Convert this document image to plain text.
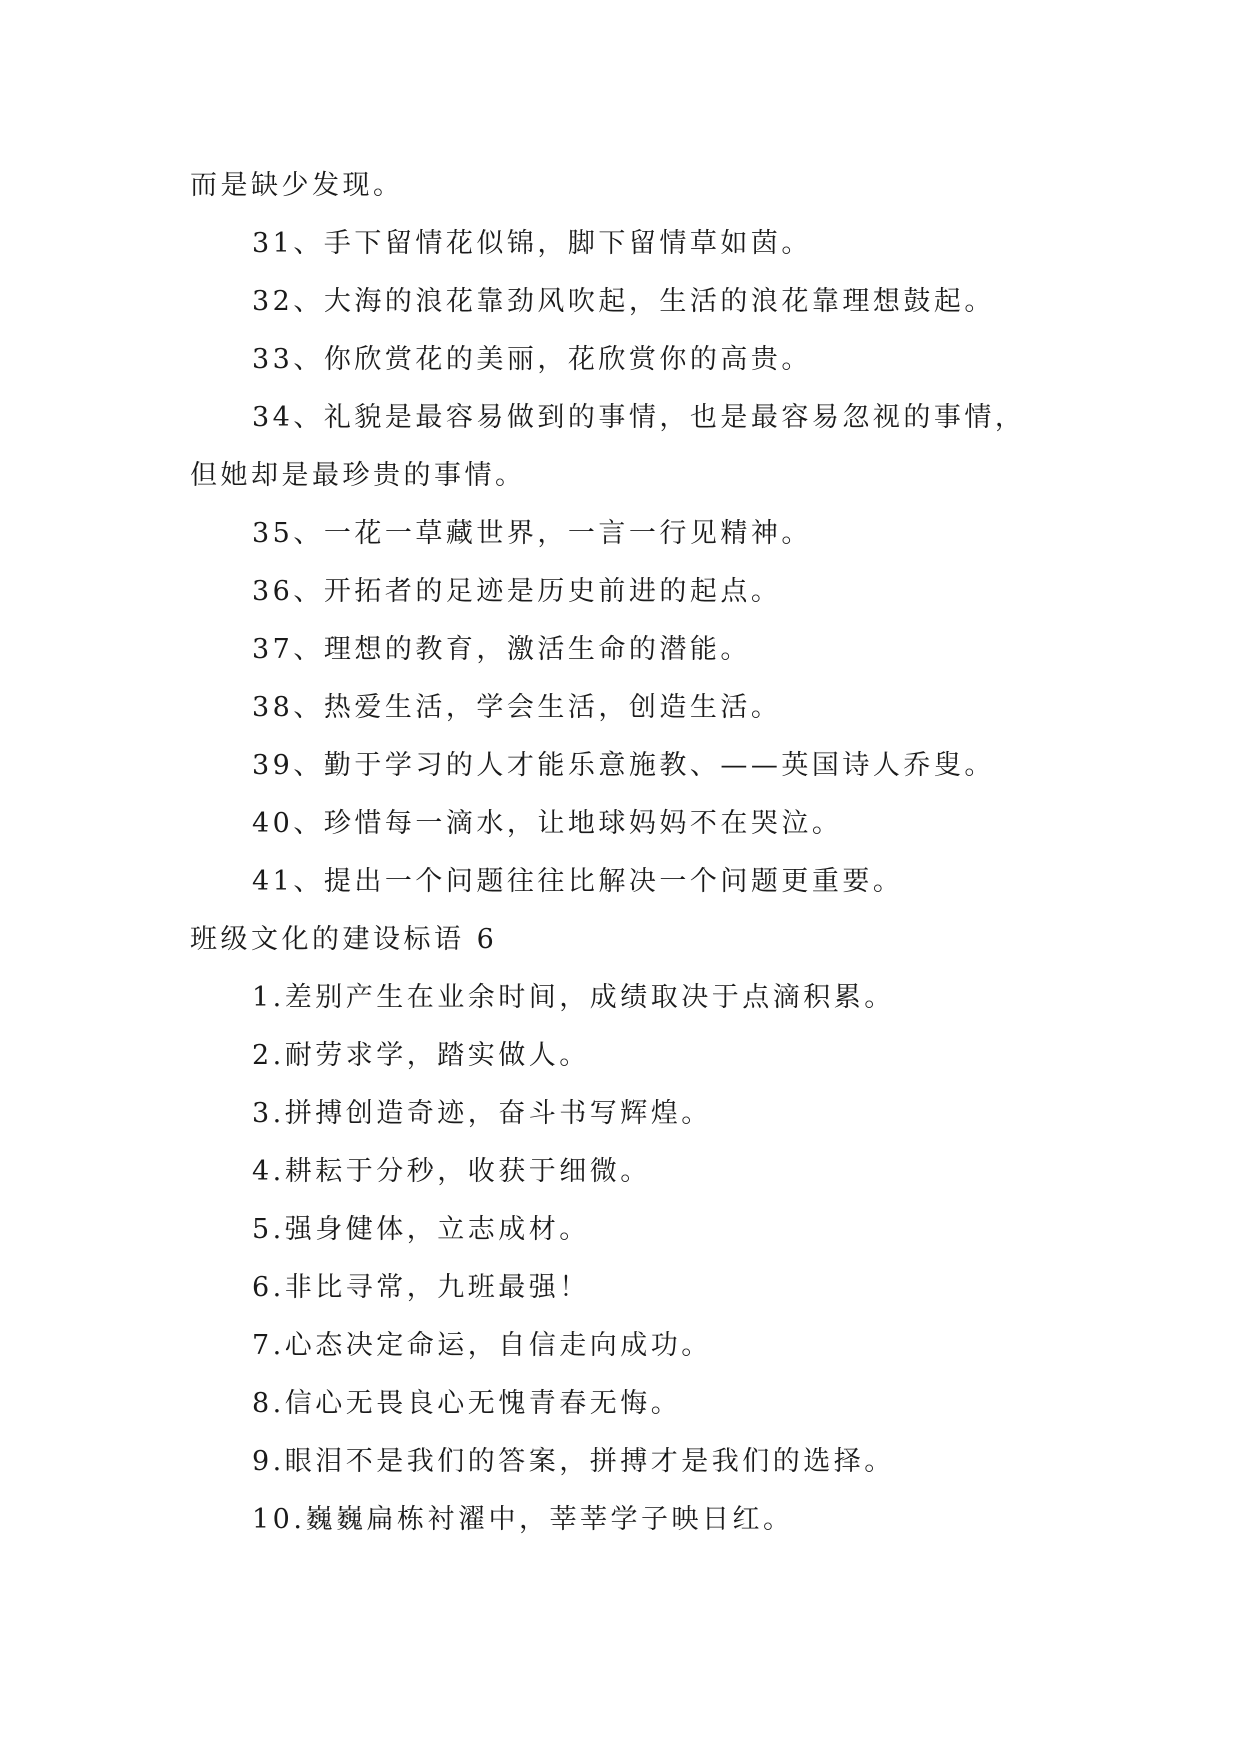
而是缺少发现。
31、手下留情花似锦，脚下留情草如茵。
32、大海的浪花靠劲风吹起，生活的浪花靠理想鼓起。
33、你欣赏花的美丽，花欣赏你的高贵。
34、礼貌是最容易做到的事情，也是最容易忽视的事情，
但她却是最珍贵的事情。
35、一花一草藏世界，一言一行见精神。
36、开拓者的足迹是历史前进的起点。
37、理想的教育，激活生命的潜能。
38、热爱生活，学会生活，创造生活。
39、勤于学习的人才能乐意施教、——英国诗人乔叟。
40、珍惜每一滴水，让地球妈妈不在哭泣。
41、提出一个问题往往比解决一个问题更重要。
班级文化的建设标语 6
1.差别产生在业余时间，成绩取决于点滴积累。
2.耐劳求学，踏实做人。
3.拼搏创造奇迹，奋斗书写辉煌。
4.耕耘于分秒，收获于细微。
5.强身健体，立志成材。
6.非比寻常，九班最强！
7.心态决定命运，自信走向成功。
8.信心无畏良心无愧青春无悔。
9.眼泪不是我们的答案，拼搏才是我们的选择。
10.巍巍扁栋衬濯中，莘莘学子映日红。
